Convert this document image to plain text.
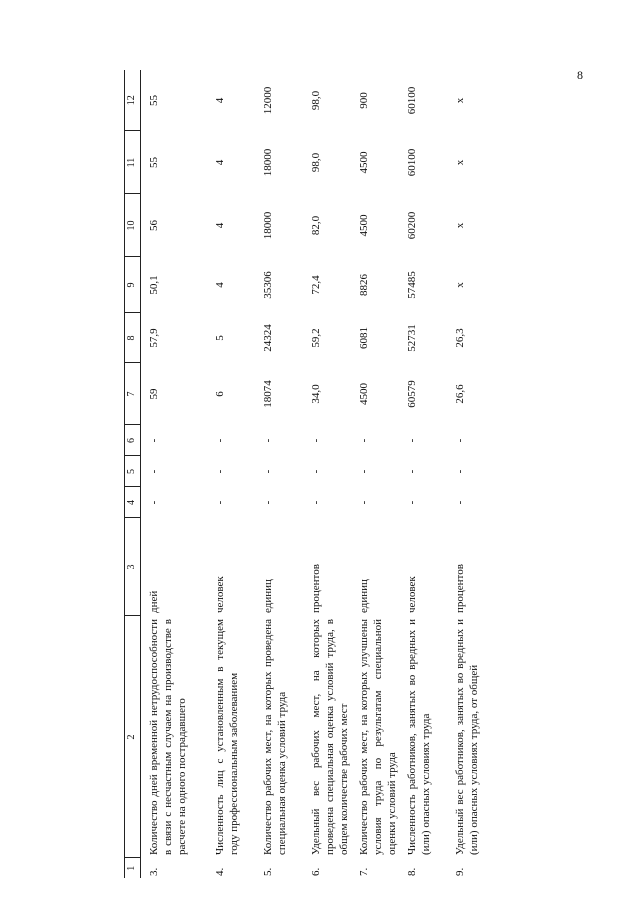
8
1	2	3	4	5	6	7	8	9	10	11	12
3.	Количество дней временной нетрудоспособности в связи с несчастным случаем на производстве в расчете на одного пострадавшего	дней	-	-	-	59	57,9	50,1	56	55	55
4.	Численность лиц с установленным в текущем году профессиональным заболеванием	человек	-	-	-	6	5	4	4	4	4
5.	Количество рабочих мест, на которых проведена специальная оценка условий труда	единиц	-	-	-	18074	24324	35306	18000	18000	12000
6.	Удельный вес рабочих мест, на которых проведена специальная оценка условий труда, в общем количестве рабочих мест	процентов	-	-	-	34,0	59,2	72,4	82,0	98,0	98,0
7.	Количество рабочих мест, на которых улучшены условия труда по результатам специальной оценки условий труда	единиц	-	-	-	4500	6081	8826	4500	4500	900
8.	Численность работников, занятых во вредных и (или) опасных условиях труда	человек	-	-	-	60579	52731	57485	60200	60100	60100
9.	Удельный вес работников, занятых во вредных и (или) опасных условиях труда, от общей	процентов	-	-	-	26,6	26,3	x	x	x	x
